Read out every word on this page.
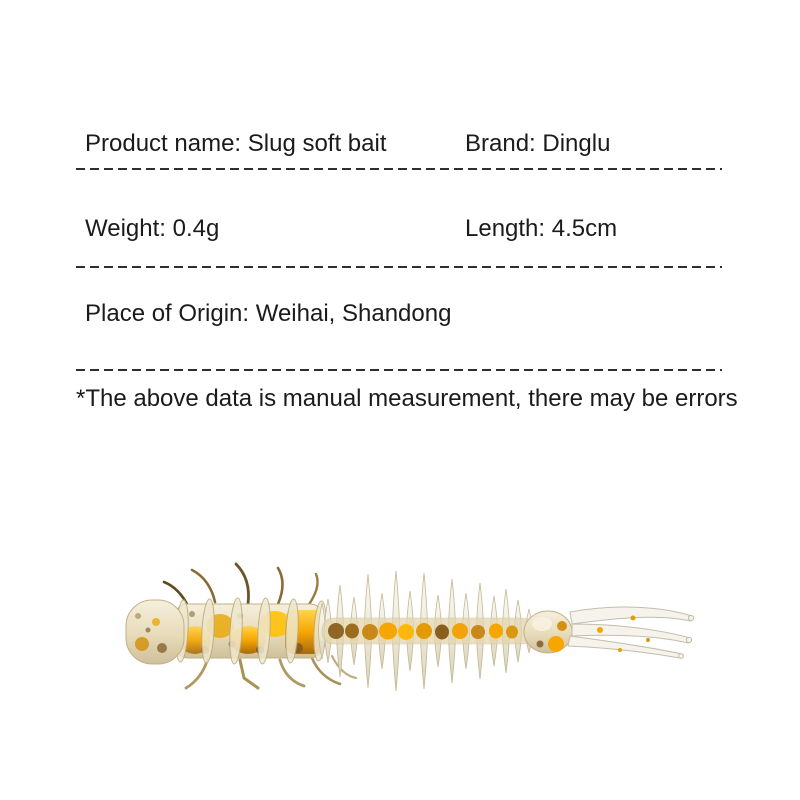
Product name: Slug soft bait	Brand: Dinglu
Weight: 0.4g	Length: 4.5cm
Place of Origin: Weihai, Shandong
*The above data is manual measurement, there may be errors
